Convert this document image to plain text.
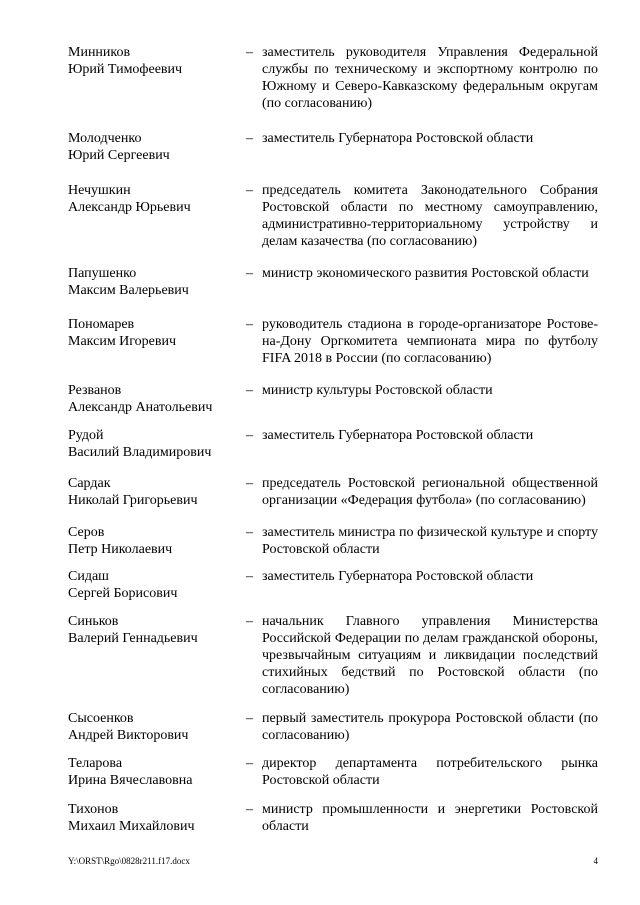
Минников
Юрий Тимофеевич
– заместитель руководителя Управления Федеральной службы по техническому и экспортному контролю по Южному и Северо-Кавказскому федеральным округам (по согласованию)
Молодченко
Юрий Сергеевич
– заместитель Губернатора Ростовской области
Нечушкин
Александр Юрьевич
– председатель комитета Законодательного Собрания Ростовской области по местному самоуправлению, административно-территориальному устройству и делам казачества (по согласованию)
Папушенко
Максим Валерьевич
– министр экономического развития Ростовской области
Пономарев
Максим Игоревич
– руководитель стадиона в городе-организаторе Ростове-на-Дону Оргкомитета чемпионата мира по футболу FIFA 2018 в России (по согласованию)
Резванов
Александр Анатольевич
– министр культуры Ростовской области
Рудой
Василий Владимирович
– заместитель Губернатора Ростовской области
Сардак
Николай Григорьевич
– председатель Ростовской региональной общественной организации «Федерация футбола» (по согласованию)
Серов
Петр Николаевич
– заместитель министра по физической культуре и спорту Ростовской области
Сидаш
Сергей Борисович
– заместитель Губернатора Ростовской области
Синьков
Валерий Геннадьевич
– начальник Главного управления Министерства Российской Федерации по делам гражданской обороны, чрезвычайным ситуациям и ликвидации последствий стихийных бедствий по Ростовской области (по согласованию)
Сысоенков
Андрей Викторович
– первый заместитель прокурора Ростовской области (по согласованию)
Теларова
Ирина Вячеславовна
– директор департамента потребительского рынка Ростовской области
Тихонов
Михаил Михайлович
– министр промышленности и энергетики Ростовской области
Y:\ORST\Rgo\0828r211.f17.docx	4
